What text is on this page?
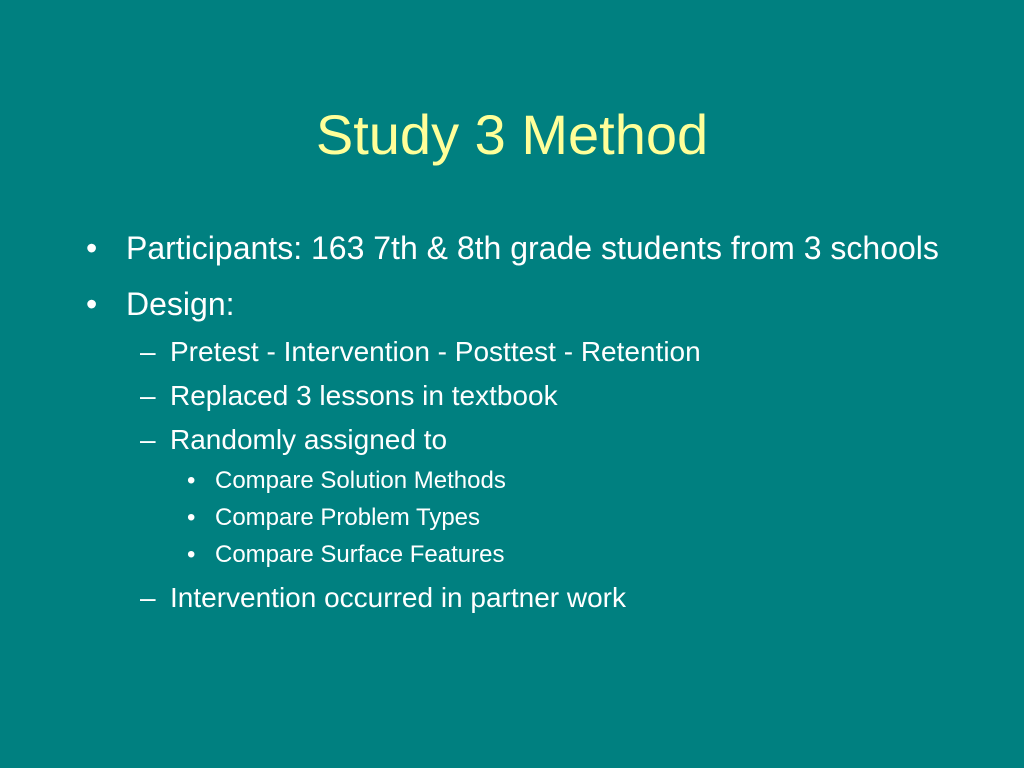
Study 3 Method
• Participants: 163 7th & 8th grade students from 3 schools
• Design:
– Pretest - Intervention - Posttest - Retention
– Replaced 3 lessons in textbook
– Randomly assigned to
• Compare Solution Methods
• Compare Problem Types
• Compare Surface Features
– Intervention occurred in partner work
